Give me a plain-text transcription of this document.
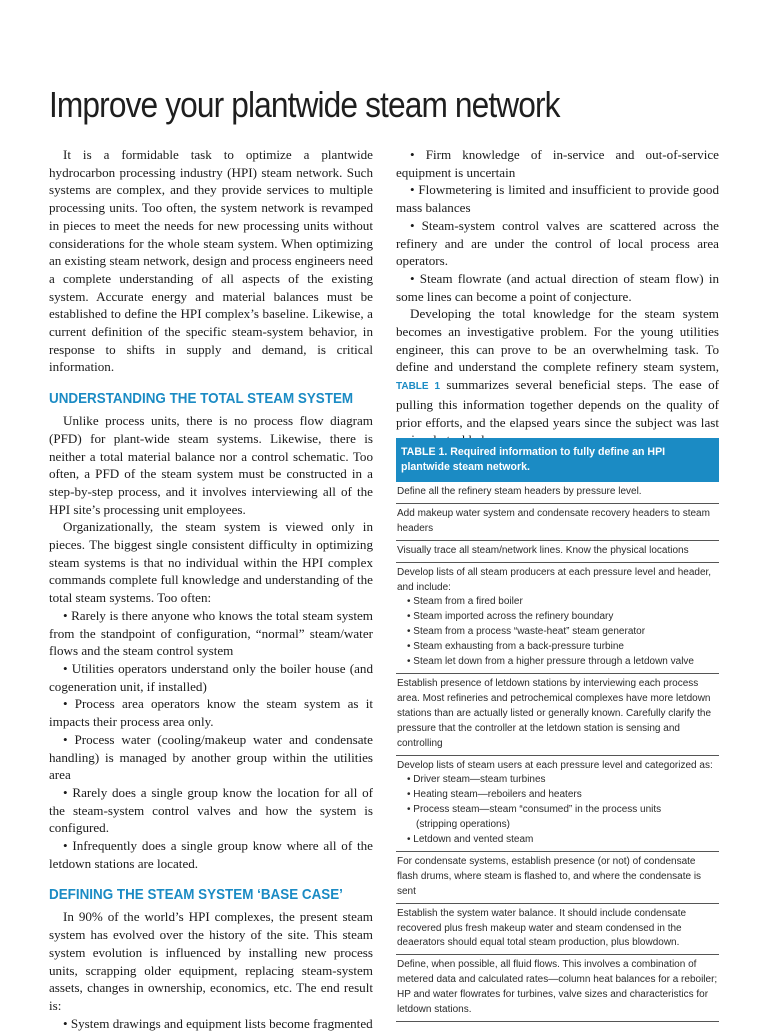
Improve your plantwide steam network

It is a formidable task to optimize a plantwide hydrocarbon processing industry (HPI) steam network. Such systems are complex, and they provide services to multiple processing units. Too often, the system network is revamped in pieces to meet the needs for new processing units without considerations for the whole steam system. When optimizing an existing steam network, design and process engineers need a complete understanding of all aspects of the existing system. Accurate energy and material balances must be established to define the HPI complex’s baseline. Likewise, a current definition of the specific steam-system behavior, in response to shifts in supply and demand, is critical information.

UNDERSTANDING THE TOTAL STEAM SYSTEM

Unlike process units, there is no process flow diagram (PFD) for plant-wide steam systems. Likewise, there is neither a total material balance nor a control schematic. Too often, a PFD of the steam system must be constructed in a step-by-step process, and it involves interviewing all of the HPI site’s processing unit employees.

Organizationally, the steam system is viewed only in pieces. The biggest single consistent difficulty in optimizing steam systems is that no individual within the HPI complex commands complete full knowledge and understanding of the total steam systems. Too often:

• Rarely is there anyone who knows the total steam system from the standpoint of configuration, “normal” steam/water flows and the steam control system

• Utilities operators understand only the boiler house (and cogeneration unit, if installed)

• Process area operators know the steam system as it impacts their process area only.

• Process water (cooling/makeup water and condensate handling) is managed by another group within the utilities area

• Rarely does a single group know the location for all of the steam-system control valves and how the system is configured.

• Infrequently does a single group know where all of the letdown stations are located.

DEFINING THE STEAM SYSTEM ‘BASE CASE’

In 90% of the world’s HPI complexes, the present steam system has evolved over the history of the site. This steam system evolution is influenced by installing new process units, scrapping older equipment, replacing steam-system assets, changes in ownership, economics, etc. The end result is:

• System drawings and equipment lists become fragmented

• Firm knowledge of in-service and out-of-service equipment is uncertain

• Flowmetering is limited and insufficient to provide good mass balances

• Steam-system control valves are scattered across the refinery and are under the control of local process area operators.

• Steam flowrate (and actual direction of steam flow) in some lines can become a point of conjecture.

Developing the total knowledge for the steam system becomes an investigative problem. For the young utilities engineer, this can prove to be an overwhelming task. To define and understand the complete refinery steam system, TABLE 1 summarizes several beneficial steps. The ease of pulling this information together depends on the quality of prior efforts, and the elapsed years since the subject was last

TABLE 1. Required information to fully define an HPI plantwide steam network.
Define all the refinery steam headers by pressure level.
Add makeup water system and condensate recovery headers to steam headers
Visually trace all steam/network lines. Know the physical locations
Develop lists of all steam producers at each pressure level and header, and include:
• Steam from a fired boiler
• Steam imported across the refinery boundary
• Steam from a process “waste-heat” steam generator
• Steam exhausting from a back-pressure turbine
• Steam let down from a higher pressure through a letdown valve
Establish presence of letdown stations by interviewing each process area. Most refineries and petrochemical complexes have more letdown stations than are actually listed or generally known. Carefully clarify the pressure that the controller at the letdown station is sensing and controlling
Develop lists of steam users at each pressure level and categorized as:
• Driver steam—steam turbines
• Heating steam—reboilers and heaters
• Process steam—steam “consumed” in the process units
(stripping operations)
• Letdown and vented steam
For condensate systems, establish presence (or not) of condensate flash drums, where steam is flashed to, and where the condensate is sent
Establish the system water balance. It should include condensate recovered plus fresh makeup water and steam condensed in the deaerators should equal total steam production, plus blowdown.
Define, when possible, all fluid flows. This involves a combination of metered data and calculated rates—column heat balances for a reboiler; HP and water flowrates for turbines, valve sizes and characteristics for letdown stations.
